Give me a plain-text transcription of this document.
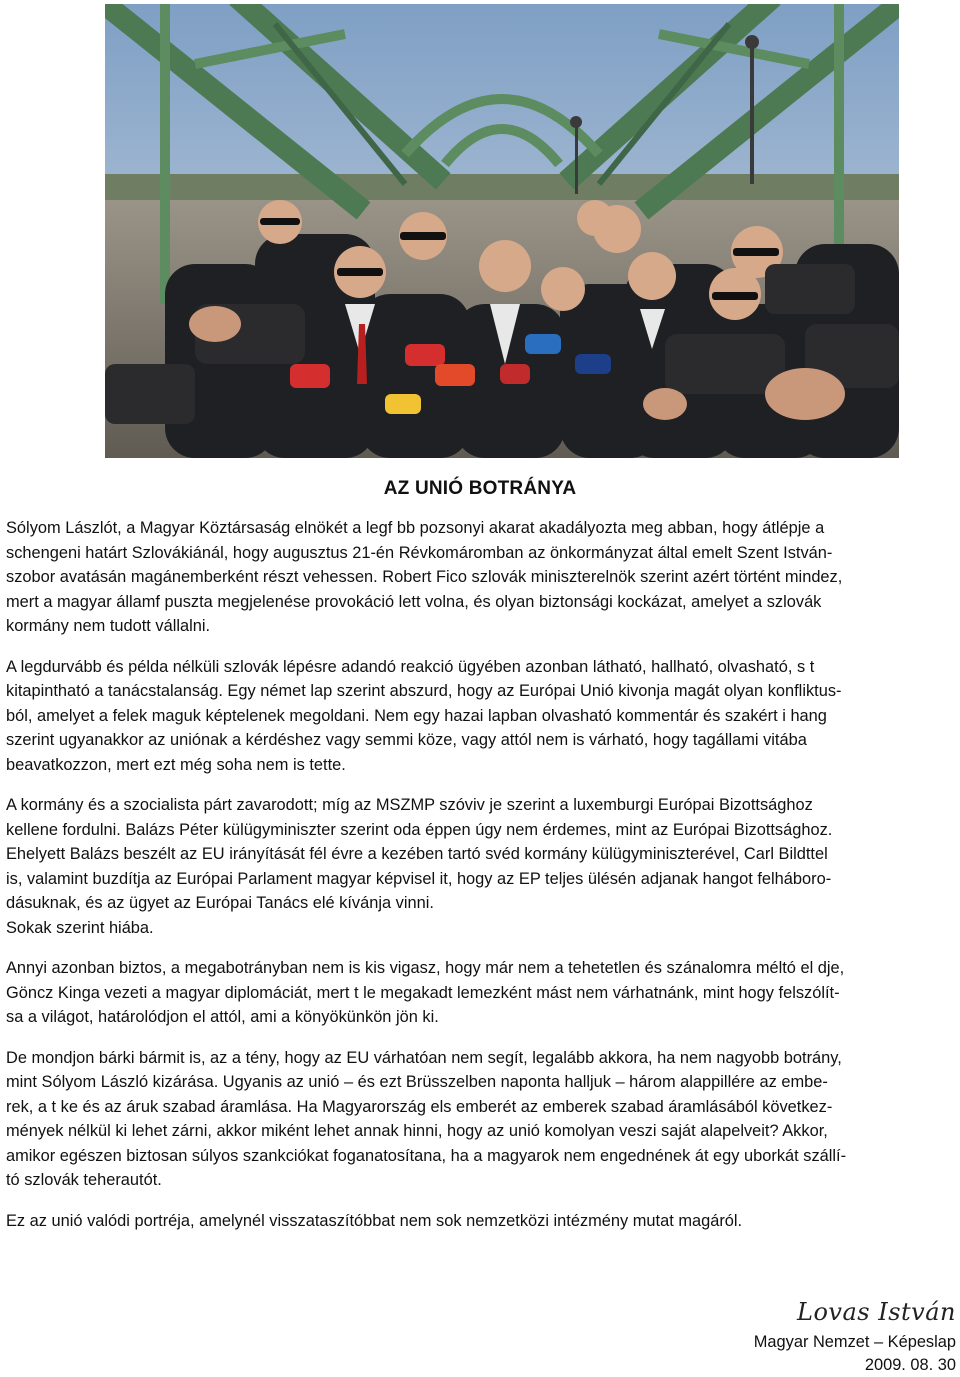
AZ UNIÓ BOTRÁNYA

Sólyom Lászlót, a Magyar Köztársaság elnökét a legf bb pozsonyi akarat akadályozta meg abban, hogy átlépje a
schengeni határt Szlovákiánál, hogy augusztus 21-én Révkomáromban az önkormányzat által emelt Szent István-
szobor avatásán magánemberként részt vehessen. Robert Fico szlovák miniszterelnök szerint azért történt mindez,
mert a magyar államf puszta megjelenése provokáció lett volna, és olyan biztonsági kockázat, amelyet a szlovák
kormány nem tudott vállalni.

A legdurvább és példa nélküli szlovák lépésre adandó reakció ügyében azonban látható, hallható, olvasható, s t
kitapintható a tanácstalanság. Egy német lap szerint abszurd, hogy az Európai Unió kivonja magát olyan konfliktus-
ból, amelyet a felek maguk képtelenek megoldani. Nem egy hazai lapban olvasható kommentár és szakért i hang
szerint ugyanakkor az uniónak a kérdéshez vagy semmi köze, vagy attól nem is várható, hogy tagállami vitába
beavatkozzon, mert ezt még soha nem is tette.

A kormány és a szocialista párt zavarodott; míg az MSZMP szóviv je szerint a luxemburgi Európai Bizottsághoz
kellene fordulni. Balázs Péter külügyminiszter szerint oda éppen úgy nem érdemes, mint az Európai Bizottsághoz.
Ehelyett Balázs beszélt az EU irányítását fél évre a kezében tartó svéd kormány külügyminiszterével, Carl Bildttel
is, valamint buzdítja az Európai Parlament magyar képvisel it, hogy az EP teljes ülésén adjanak hangot felháboro-
dásuknak, és az ügyet az Európai Tanács elé kívánja vinni.
Sokak szerint hiába.

Annyi azonban biztos, a megabotrányban nem is kis vigasz, hogy már nem a tehetetlen és szánalomra méltó el dje,
Göncz Kinga vezeti a magyar diplomáciát, mert t le megakadt lemezként mást nem várhatnánk, mint hogy felszólít-
sa a világot, határolódjon el attól, ami a könyökünkön jön ki.

De mondjon bárki bármit is, az a tény, hogy az EU várhatóan nem segít, legalább akkora, ha nem nagyobb botrány,
mint Sólyom László kizárása. Ugyanis az unió – és ezt Brüsszelben naponta halljuk – három alappillére az embe-
rek, a t ke és az áruk szabad áramlása. Ha Magyarország els emberét az emberek szabad áramlásából következ-
mények nélkül ki lehet zárni, akkor miként lehet annak hinni, hogy az unió komolyan veszi saját alapelveit? Akkor,
amikor egészen biztosan súlyos szankciókat foganatosítana, ha a magyarok nem engednének át egy uborkát szállí-
tó szlovák teherautót.

Ez az unió valódi portréja, amelynél visszataszítóbbat nem sok nemzetközi intézmény mutat magáról.

Lovas István
Magyar Nemzet – Képeslap
2009. 08. 30
